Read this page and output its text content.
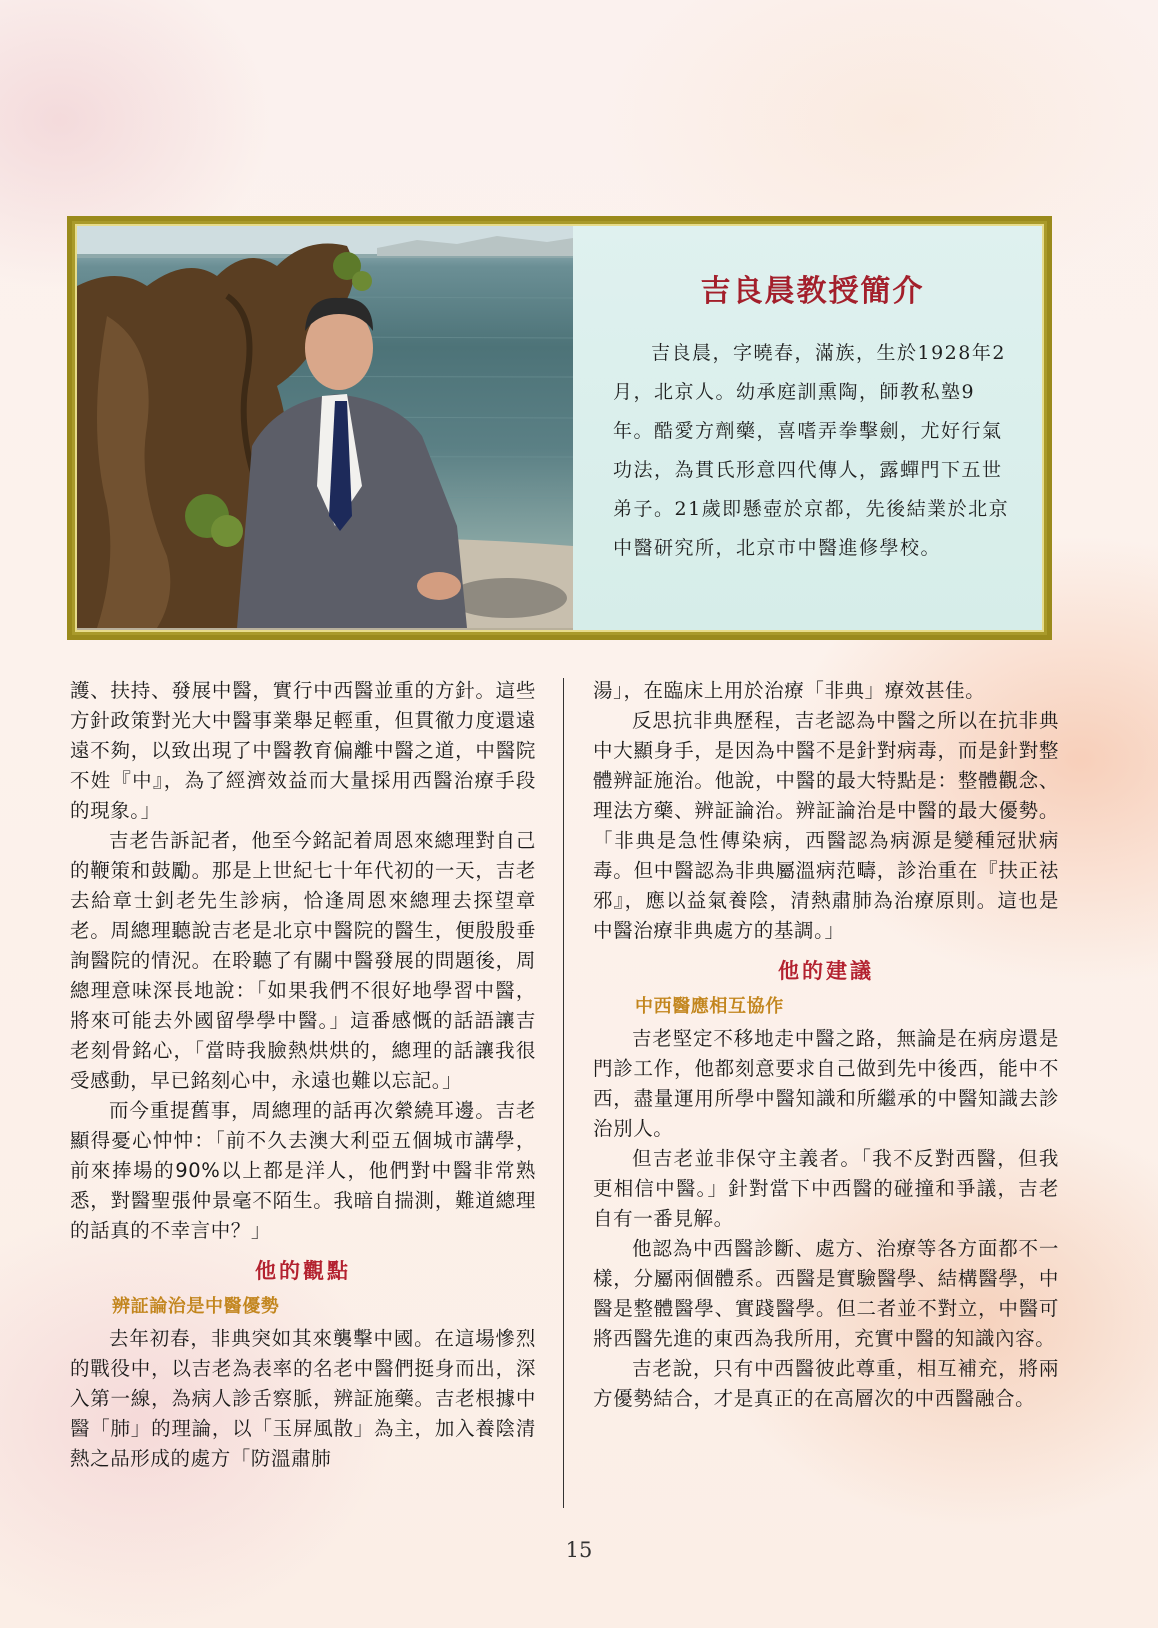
吉良晨教授簡介

吉良晨，字曉春，滿族，生於1928年2月，北京人。幼承庭訓熏陶，師教私塾9年。酷愛方劑藥，喜嗜弄拳擊劍，尤好行氣功法，為貫氏形意四代傳人，露蟬門下五世弟子。21歲即懸壺於京都，先後結業於北京中醫研究所，北京市中醫進修學校。

護、扶持、發展中醫，實行中西醫並重的方針。這些方針政策對光大中醫事業舉足輕重，但貫徹力度還遠遠不夠，以致出現了中醫教育偏離中醫之道，中醫院不姓『中』，為了經濟效益而大量採用西醫治療手段的現象。」

吉老告訴記者，他至今銘記着周恩來總理對自己的鞭策和鼓勵。那是上世紀七十年代初的一天，吉老去給章士釗老先生診病，恰逢周恩來總理去探望章老。周總理聽說吉老是北京中醫院的醫生，便殷殷垂詢醫院的情況。在聆聽了有關中醫發展的問題後，周總理意味深長地說：「如果我們不很好地學習中醫，將來可能去外國留學學中醫。」這番感慨的話語讓吉老刻骨銘心，「當時我臉熱烘烘的，總理的話讓我很受感動，早已銘刻心中，永遠也難以忘記。」

而今重提舊事，周總理的話再次縈繞耳邊。吉老顯得憂心忡忡：「前不久去澳大利亞五個城市講學，前來捧場的90%以上都是洋人，他們對中醫非常熟悉，對醫聖張仲景毫不陌生。我暗自揣測，難道總理的話真的不幸言中？」

他的觀點
辨証論治是中醫優勢

去年初春，非典突如其來襲擊中國。在這場慘烈的戰役中，以吉老為表率的名老中醫們挺身而出，深入第一線，為病人診舌察脈，辨証施藥。吉老根據中醫「肺」的理論，以「玉屏風散」為主，加入養陰清熱之品形成的處方「防溫肅肺

湯」，在臨床上用於治療「非典」療效甚佳。

反思抗非典歷程，吉老認為中醫之所以在抗非典中大顯身手，是因為中醫不是針對病毒，而是針對整體辨証施治。他說，中醫的最大特點是：整體觀念、理法方藥、辨証論治。辨証論治是中醫的最大優勢。「非典是急性傳染病，西醫認為病源是變種冠狀病毒。但中醫認為非典屬溫病范疇，診治重在『扶正祛邪』，應以益氣養陰，清熱肅肺為治療原則。這也是中醫治療非典處方的基調。」

他的建議
中西醫應相互協作

吉老堅定不移地走中醫之路，無論是在病房還是門診工作，他都刻意要求自己做到先中後西，能中不西，盡量運用所學中醫知識和所繼承的中醫知識去診治別人。

但吉老並非保守主義者。「我不反對西醫，但我更相信中醫。」針對當下中西醫的碰撞和爭議，吉老自有一番見解。

他認為中西醫診斷、處方、治療等各方面都不一樣，分屬兩個體系。西醫是實驗醫學、結構醫學，中醫是整體醫學、實踐醫學。但二者並不對立，中醫可將西醫先進的東西為我所用，充實中醫的知識內容。

吉老說，只有中西醫彼此尊重，相互補充，將兩方優勢結合，才是真正的在高層次的中西醫融合。

15
